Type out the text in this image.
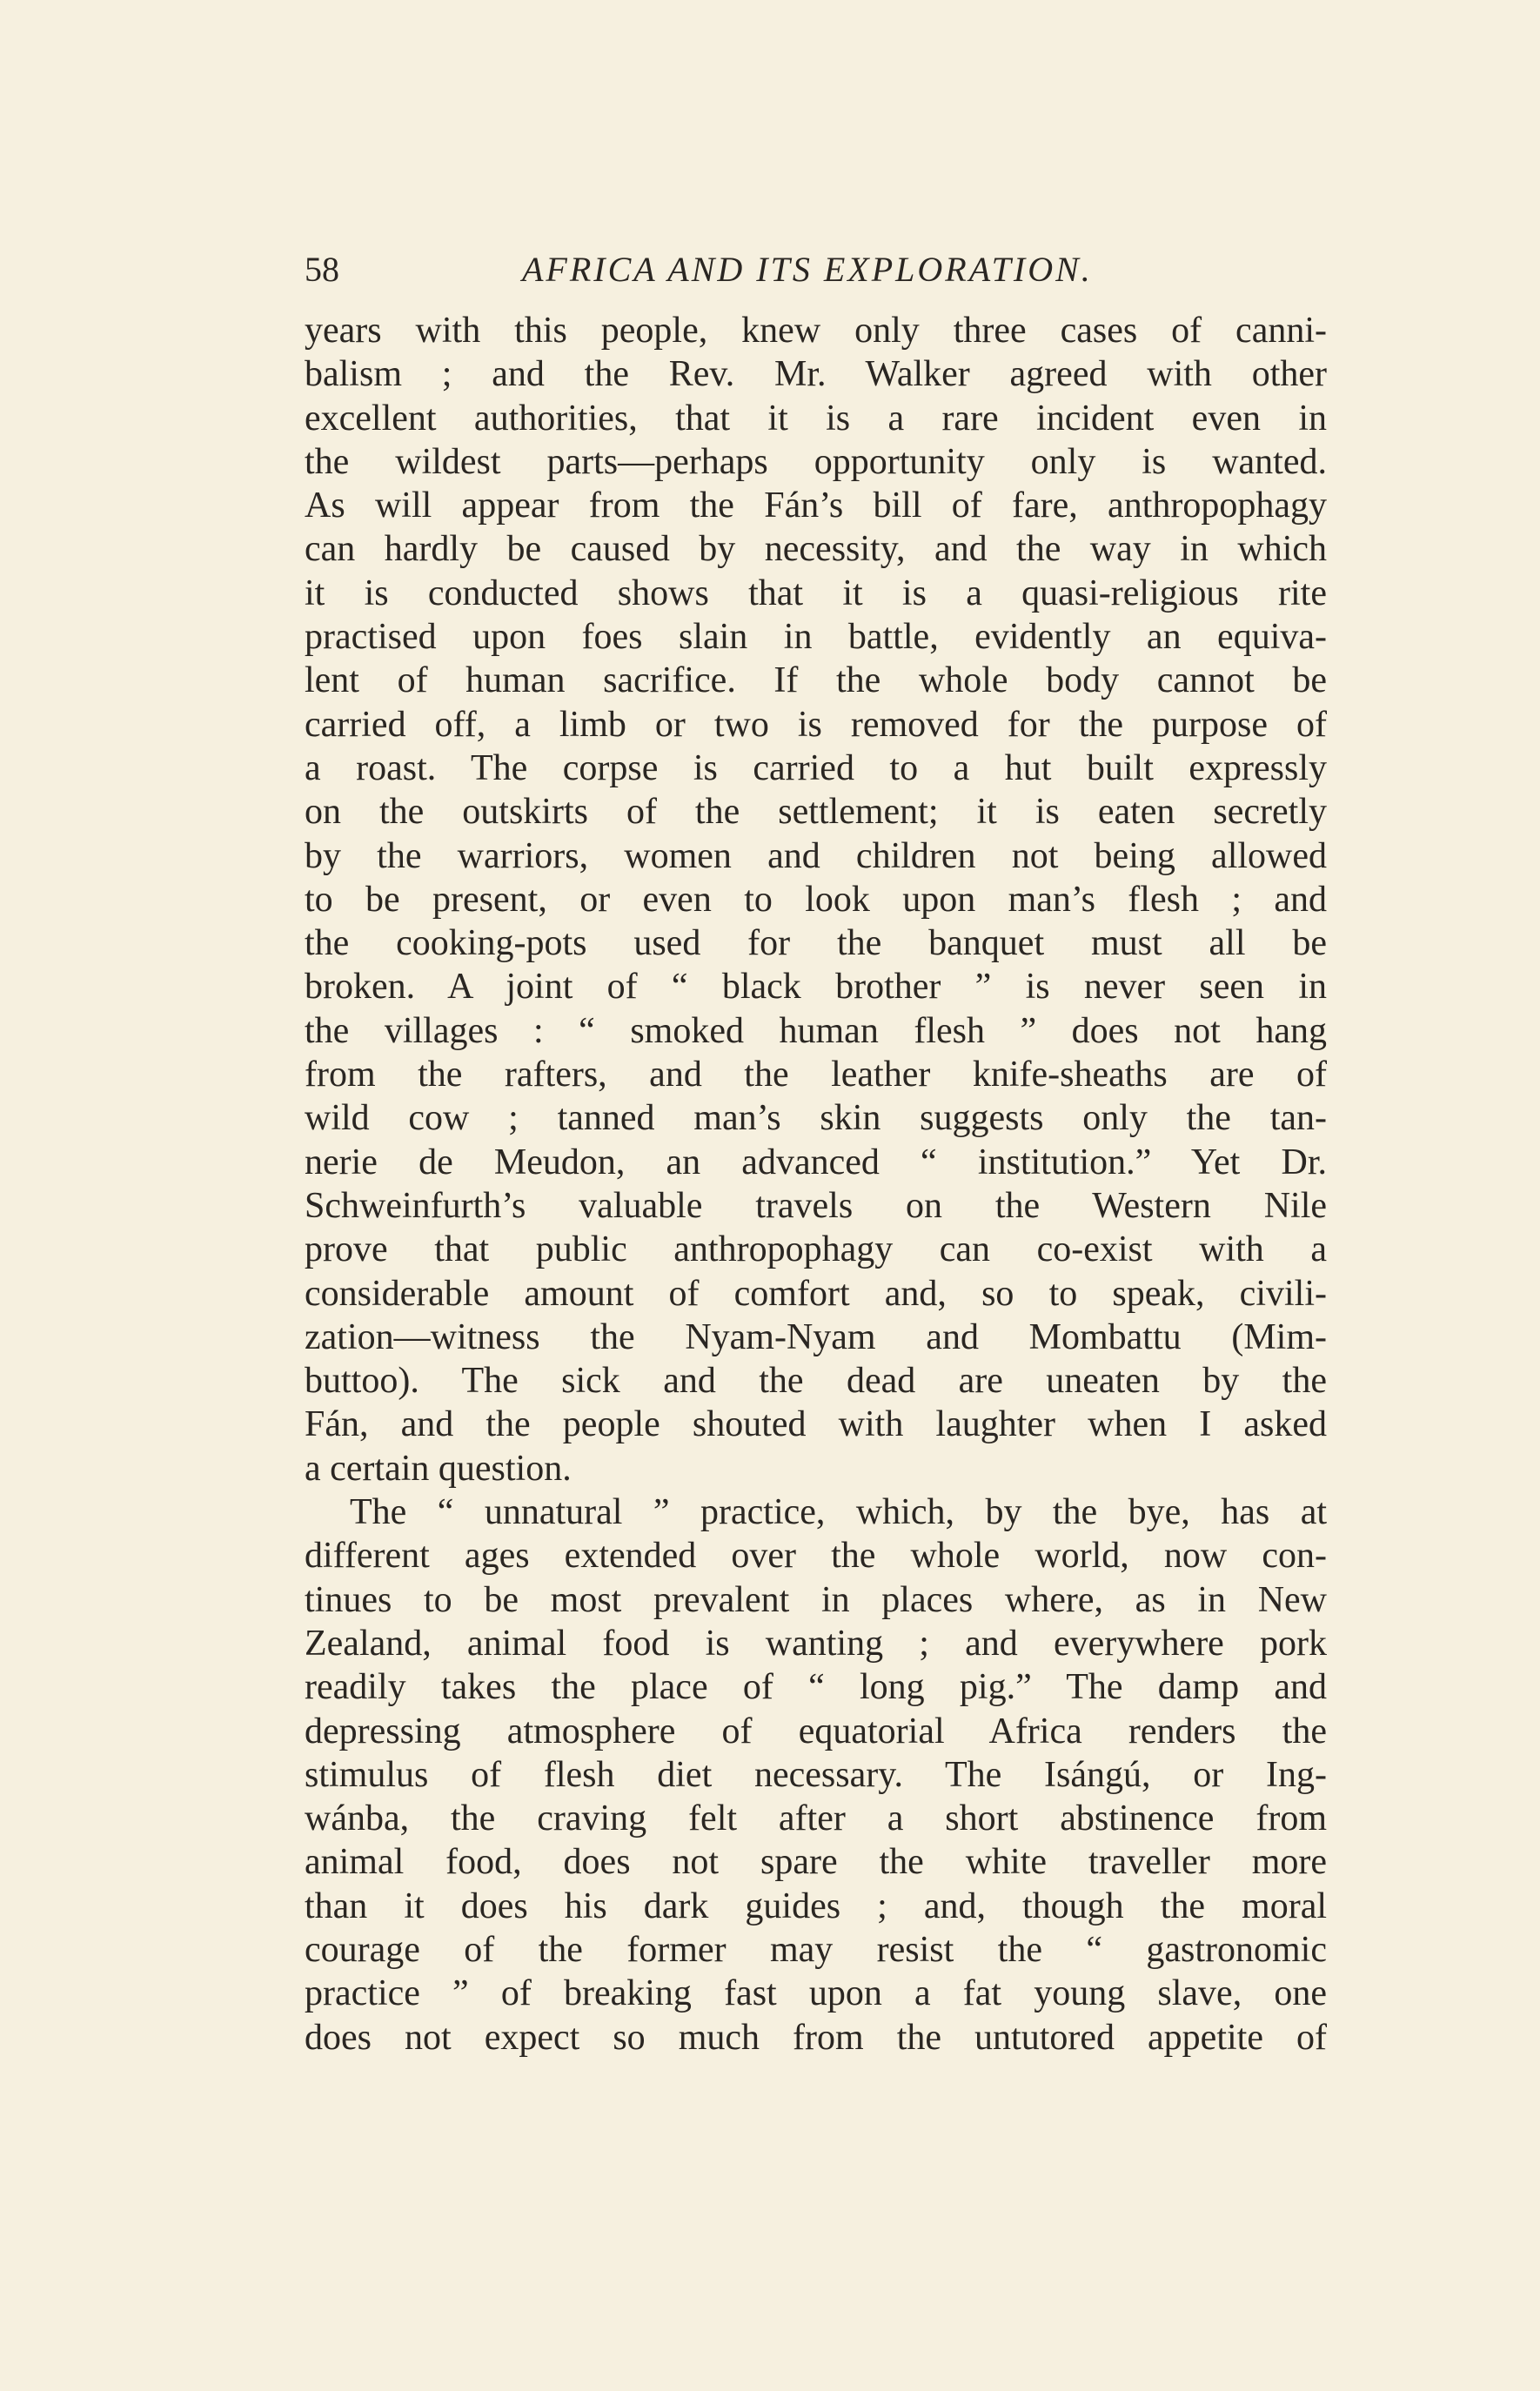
58	AFRICA AND ITS EXPLORATION.
years with this people, knew only three cases of canni-
balism ; and the Rev. Mr. Walker agreed with other
excellent authorities, that it is a rare incident even in
the wildest parts—perhaps opportunity only is wanted.
As will appear from the Fán’s bill of fare, anthropophagy
can hardly be caused by necessity, and the way in which
it is conducted shows that it is a quasi-religious rite
practised upon foes slain in battle, evidently an equiva-
lent of human sacrifice. If the whole body cannot be
carried off, a limb or two is removed for the purpose of
a roast. The corpse is carried to a hut built expressly
on the outskirts of the settlement; it is eaten secretly
by the warriors, women and children not being allowed
to be present, or even to look upon man’s flesh ; and
the cooking-pots used for the banquet must all be
broken. A joint of “ black brother ” is never seen in
the villages : “ smoked human flesh ” does not hang
from the rafters, and the leather knife-sheaths are of
wild cow ; tanned man’s skin suggests only the tan-
nerie de Meudon, an advanced “ institution.” Yet Dr.
Schweinfurth’s valuable travels on the Western Nile
prove that public anthropophagy can co-exist with a
considerable amount of comfort and, so to speak, civili-
zation—witness the Nyam-Nyam and Mombattu (Mim-
buttoo). The sick and the dead are uneaten by the
Fán, and the people shouted with laughter when I asked
a certain question.
The “ unnatural ” practice, which, by the bye, has at
different ages extended over the whole world, now con-
tinues to be most prevalent in places where, as in New
Zealand, animal food is wanting ; and everywhere pork
readily takes the place of “ long pig.” The damp and
depressing atmosphere of equatorial Africa renders the
stimulus of flesh diet necessary. The Isángú, or Ing-
wánba, the craving felt after a short abstinence from
animal food, does not spare the white traveller more
than it does his dark guides ; and, though the moral
courage of the former may resist the “ gastronomic
practice ” of breaking fast upon a fat young slave, one
does not expect so much from the untutored appetite of
